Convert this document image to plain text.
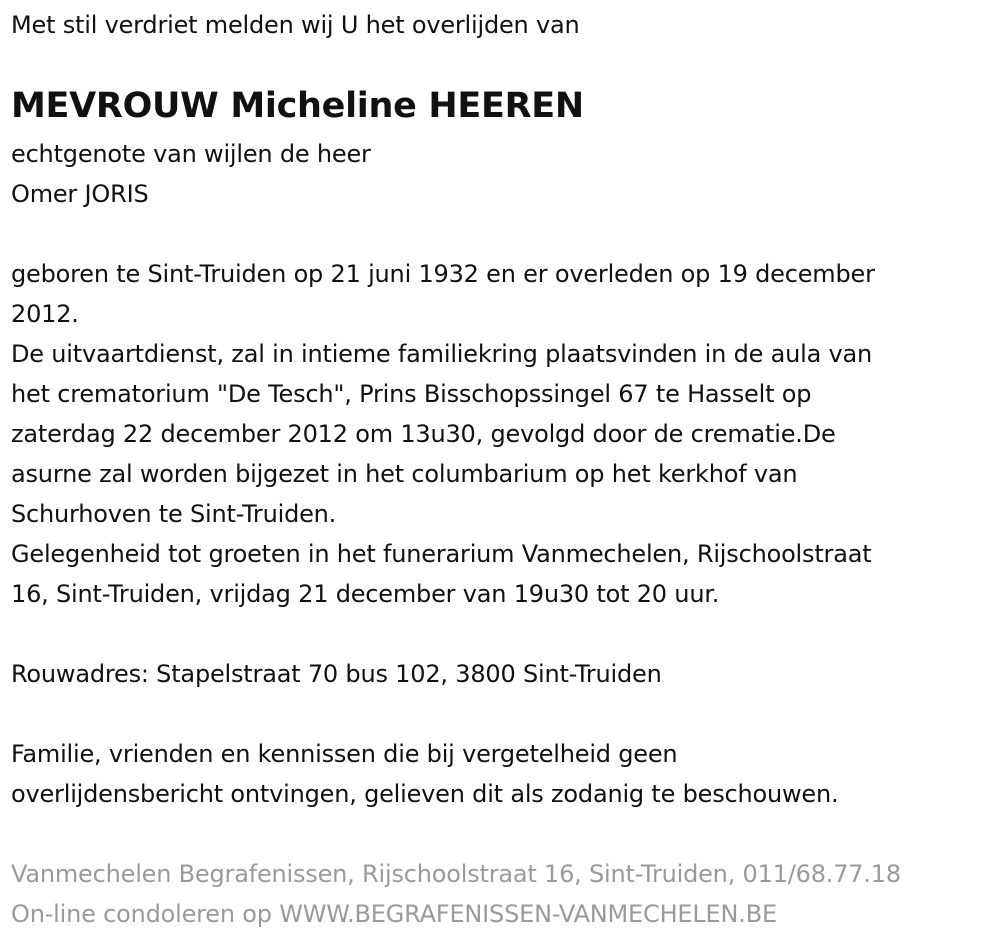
Met stil verdriet melden wij U het overlijden van
MEVROUW Micheline HEEREN
echtgenote van wijlen de heer
Omer JORIS
geboren te Sint-Truiden op 21 juni 1932 en er overleden op 19 december
2012.
De uitvaartdienst, zal in intieme familiekring plaatsvinden in de aula van
het crematorium "De Tesch", Prins Bisschopssingel 67 te Hasselt op
zaterdag 22 december 2012 om 13u30, gevolgd door de crematie.De
asurne zal worden bijgezet in het columbarium op het kerkhof van
Schurhoven te Sint-Truiden.
Gelegenheid tot groeten in het funerarium Vanmechelen, Rijschoolstraat
16, Sint-Truiden, vrijdag 21 december van 19u30 tot 20 uur.
Rouwadres: Stapelstraat 70 bus 102, 3800 Sint-Truiden
Familie, vrienden en kennissen die bij vergetelheid geen
overlijdensbericht ontvingen, gelieven dit als zodanig te beschouwen.
Vanmechelen Begrafenissen, Rijschoolstraat 16, Sint-Truiden, 011/68.77.18
On-line condoleren op WWW.BEGRAFENISSEN-VANMECHELEN.BE
